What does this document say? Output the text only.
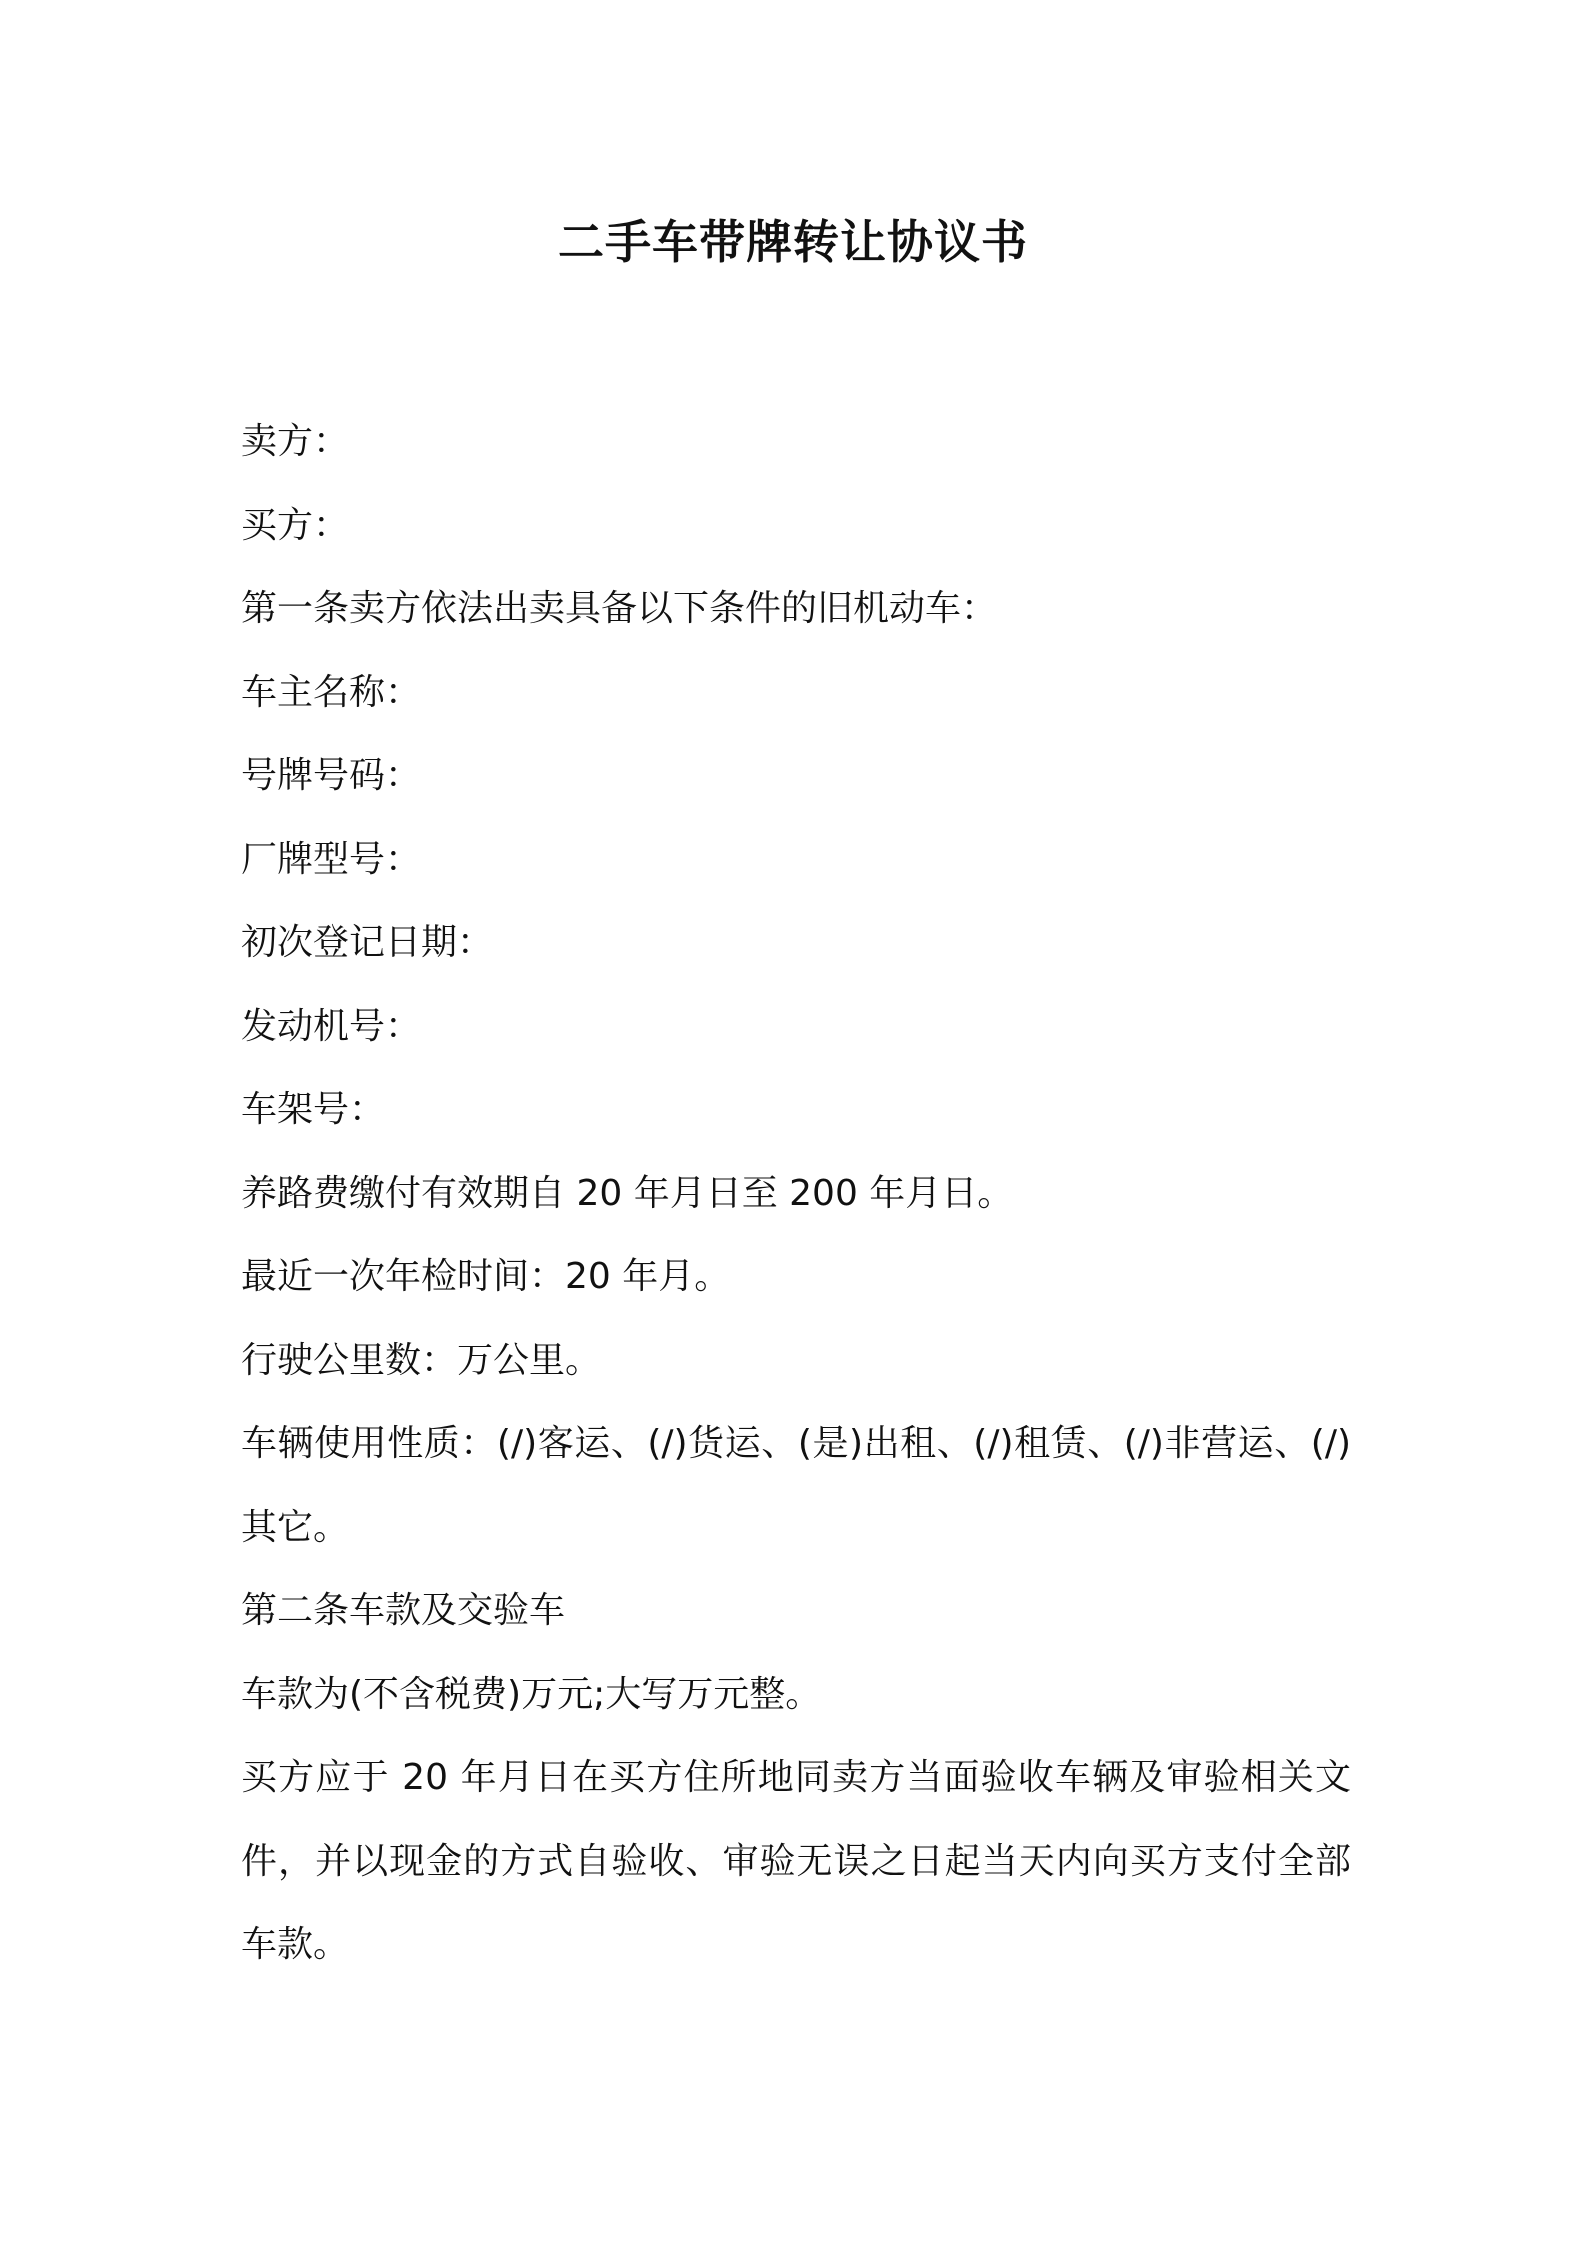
二手车带牌转让协议书

卖方：

买方：

第一条卖方依法出卖具备以下条件的旧机动车：

车主名称：

号牌号码：

厂牌型号：

初次登记日期：

发动机号：

车架号：

养路费缴付有效期自 20 年月日至 200 年月日。

最近一次年检时间：20 年月。

行驶公里数：万公里。

车辆使用性质：(/)客运、(/)货运、(是)出租、(/)租赁、(/)非营运、(/)其它。

第二条车款及交验车

车款为(不含税费)万元;大写万元整。

买方应于 20 年月日在买方住所地同卖方当面验收车辆及审验相关文件，并以现金的方式自验收、审验无误之日起当天内向买方支付全部车款。
